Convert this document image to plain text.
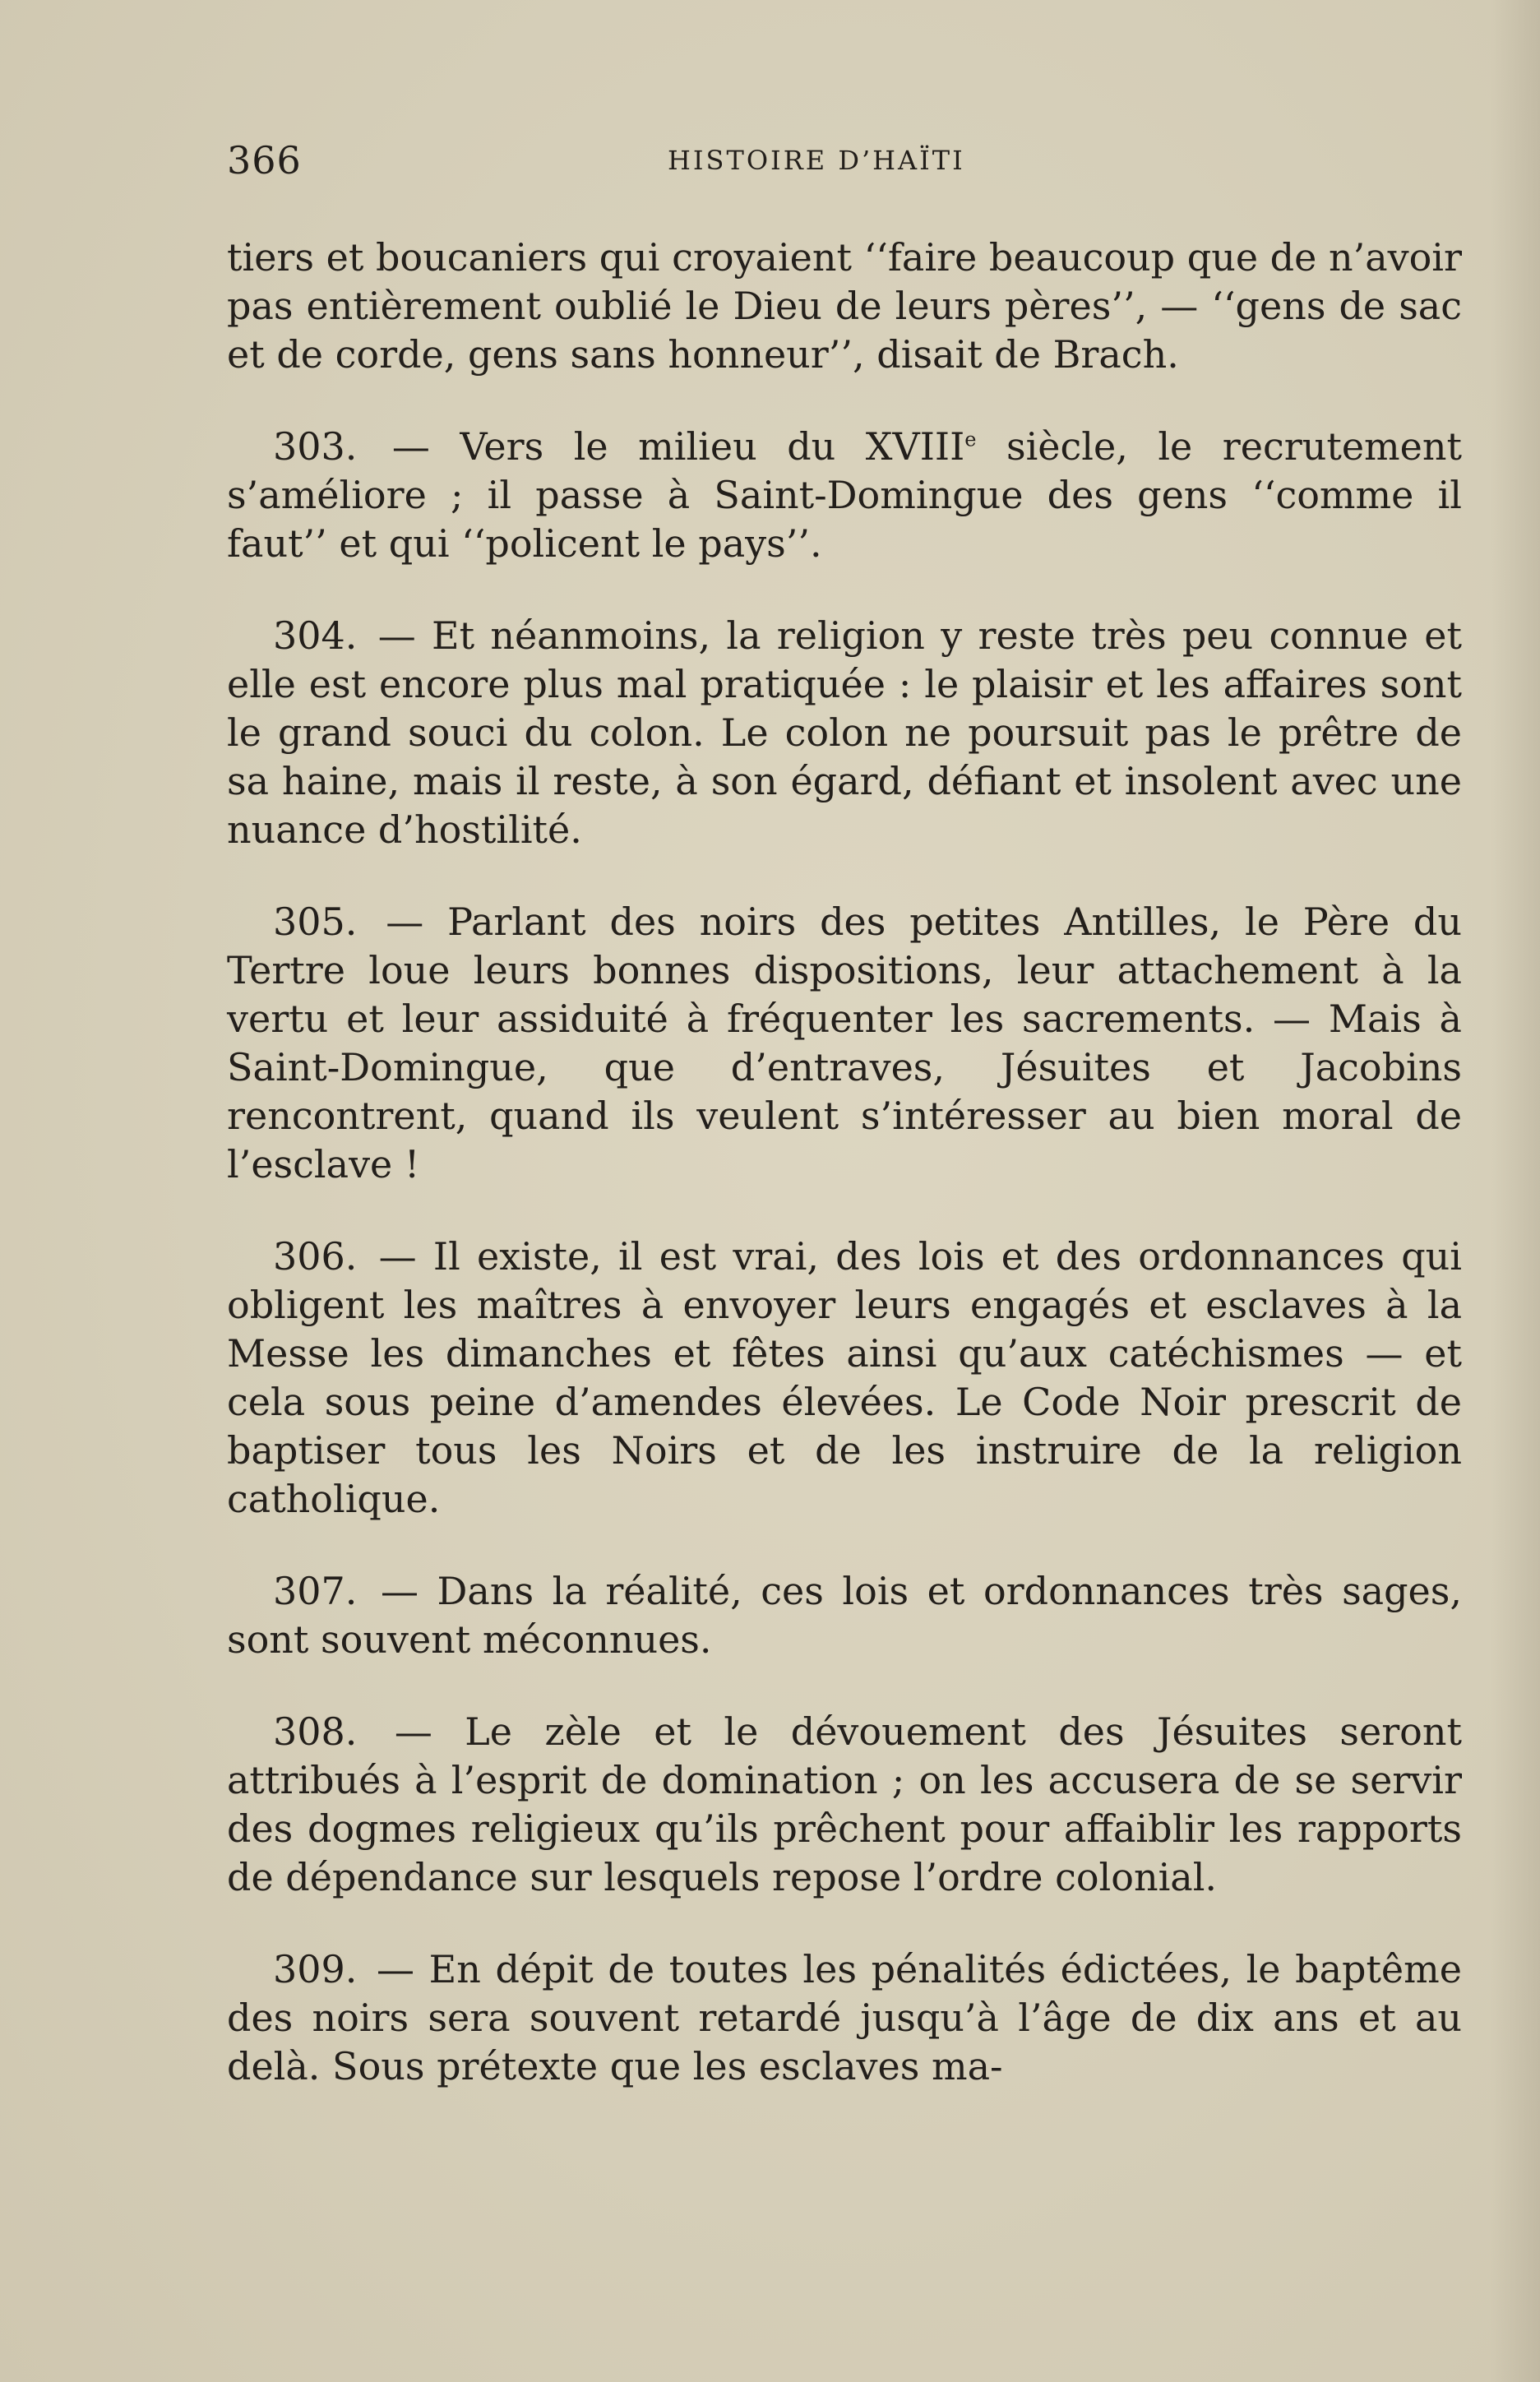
366	HISTOIRE D’HAÏTI

tiers et boucaniers qui croyaient ‘‘faire beaucoup que de n’avoir pas entièrement oublié le Dieu de leurs pères’’, — ‘‘gens de sac et de corde, gens sans honneur’’, disait de Brach.

303. — Vers le milieu du XVIIIe siècle, le recrutement s’améliore ; il passe à Saint-Domingue des gens ‘‘comme il faut’’ et qui ‘‘policent le pays’’.

304. — Et néanmoins, la religion y reste très peu connue et elle est encore plus mal pratiquée : le plaisir et les affaires sont le grand souci du colon. Le colon ne poursuit pas le prêtre de sa haine, mais il reste, à son égard, défiant et insolent avec une nuance d’hostilité.

305. — Parlant des noirs des petites Antilles, le Père du Tertre loue leurs bonnes dispositions, leur attachement à la vertu et leur assiduité à fréquenter les sacrements. — Mais à Saint-Domingue, que d’entraves, Jésuites et Jacobins rencontrent, quand ils veulent s’intéresser au bien moral de l’esclave !

306. — Il existe, il est vrai, des lois et des ordonnances qui obligent les maîtres à envoyer leurs engagés et esclaves à la Messe les dimanches et fêtes ainsi qu’aux catéchismes — et cela sous peine d’amendes élevées. Le Code Noir prescrit de baptiser tous les Noirs et de les instruire de la religion catholique.

307. — Dans la réalité, ces lois et ordonnances très sages, sont souvent méconnues.

308. — Le zèle et le dévouement des Jésuites seront attribués à l’esprit de domination ; on les accusera de se servir des dogmes religieux qu’ils prêchent pour affaiblir les rapports de dépendance sur lesquels repose l’ordre colonial.

309. — En dépit de toutes les pénalités édictées, le baptême des noirs sera souvent retardé jusqu’à l’âge de dix ans et au delà. Sous prétexte que les esclaves ma-
